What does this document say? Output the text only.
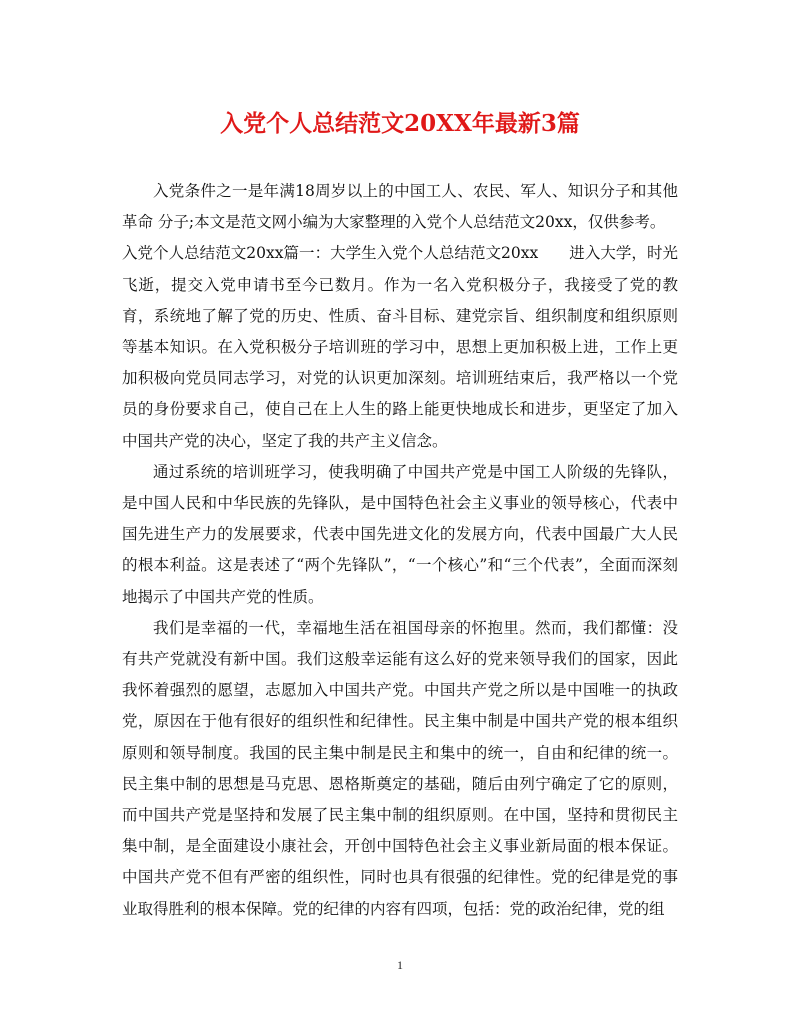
入党个人总结范文20XX年最新3篇

入党条件之一是年满18周岁以上的中国工人、农民、军人、知识分子和其他革命 分子;本文是范文网小编为大家整理的入党个人总结范文20xx，仅供参考。

入党个人总结范文20xx篇一：大学生入党个人总结范文20xx　　进入大学，时光飞逝，提交入党申请书至今已数月。作为一名入党积极分子，我接受了党的教育，系统地了解了党的历史、性质、奋斗目标、建党宗旨、组织制度和组织原则等基本知识。在入党积极分子培训班的学习中，思想上更加积极上进，工作上更加积极向党员同志学习，对党的认识更加深刻。培训班结束后，我严格以一个党员的身份要求自己，使自己在上人生的路上能更快地成长和进步，更坚定了加入中国共产党的决心，坚定了我的共产主义信念。

通过系统的培训班学习，使我明确了中国共产党是中国工人阶级的先锋队，是中国人民和中华民族的先锋队，是中国特色社会主义事业的领导核心，代表中国先进生产力的发展要求，代表中国先进文化的发展方向，代表中国最广大人民的根本利益。这是表述了“两个先锋队”，“一个核心”和“三个代表”，全面而深刻地揭示了中国共产党的性质。

我们是幸福的一代，幸福地生活在祖国母亲的怀抱里。然而，我们都懂：没有共产党就没有新中国。我们这般幸运能有这么好的党来领导我们的国家，因此我怀着强烈的愿望，志愿加入中国共产党。中国共产党之所以是中国唯一的执政党，原因在于他有很好的组织性和纪律性。民主集中制是中国共产党的根本组织原则和领导制度。我国的民主集中制是民主和集中的统一，自由和纪律的统一。民主集中制的思想是马克思、恩格斯奠定的基础，随后由列宁确定了它的原则，而中国共产党是坚持和发展了民主集中制的组织原则。在中国，坚持和贯彻民主集中制，是全面建设小康社会，开创中国特色社会主义事业新局面的根本保证。中国共产党不但有严密的组织性，同时也具有很强的纪律性。党的纪律是党的事业取得胜利的根本保障。党的纪律的内容有四项，包括：党的政治纪律，党的组

1
